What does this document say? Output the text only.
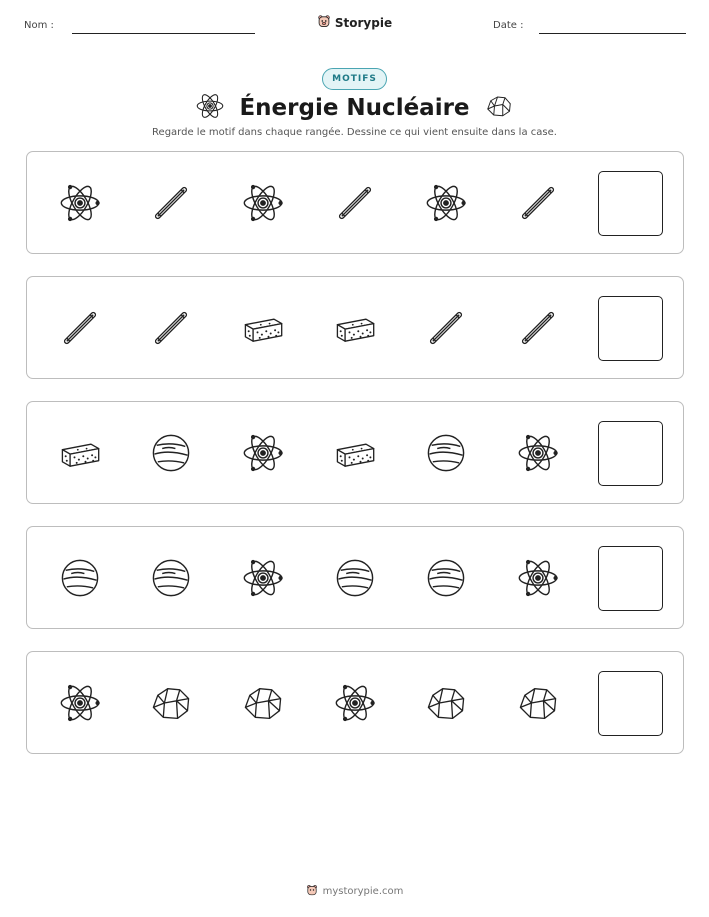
Nom :	Storypie	Date :
MOTIFS
Énergie Nucléaire
Regarde le motif dans chaque rangée. Dessine ce qui vient ensuite dans la case.
mystorypie.com
